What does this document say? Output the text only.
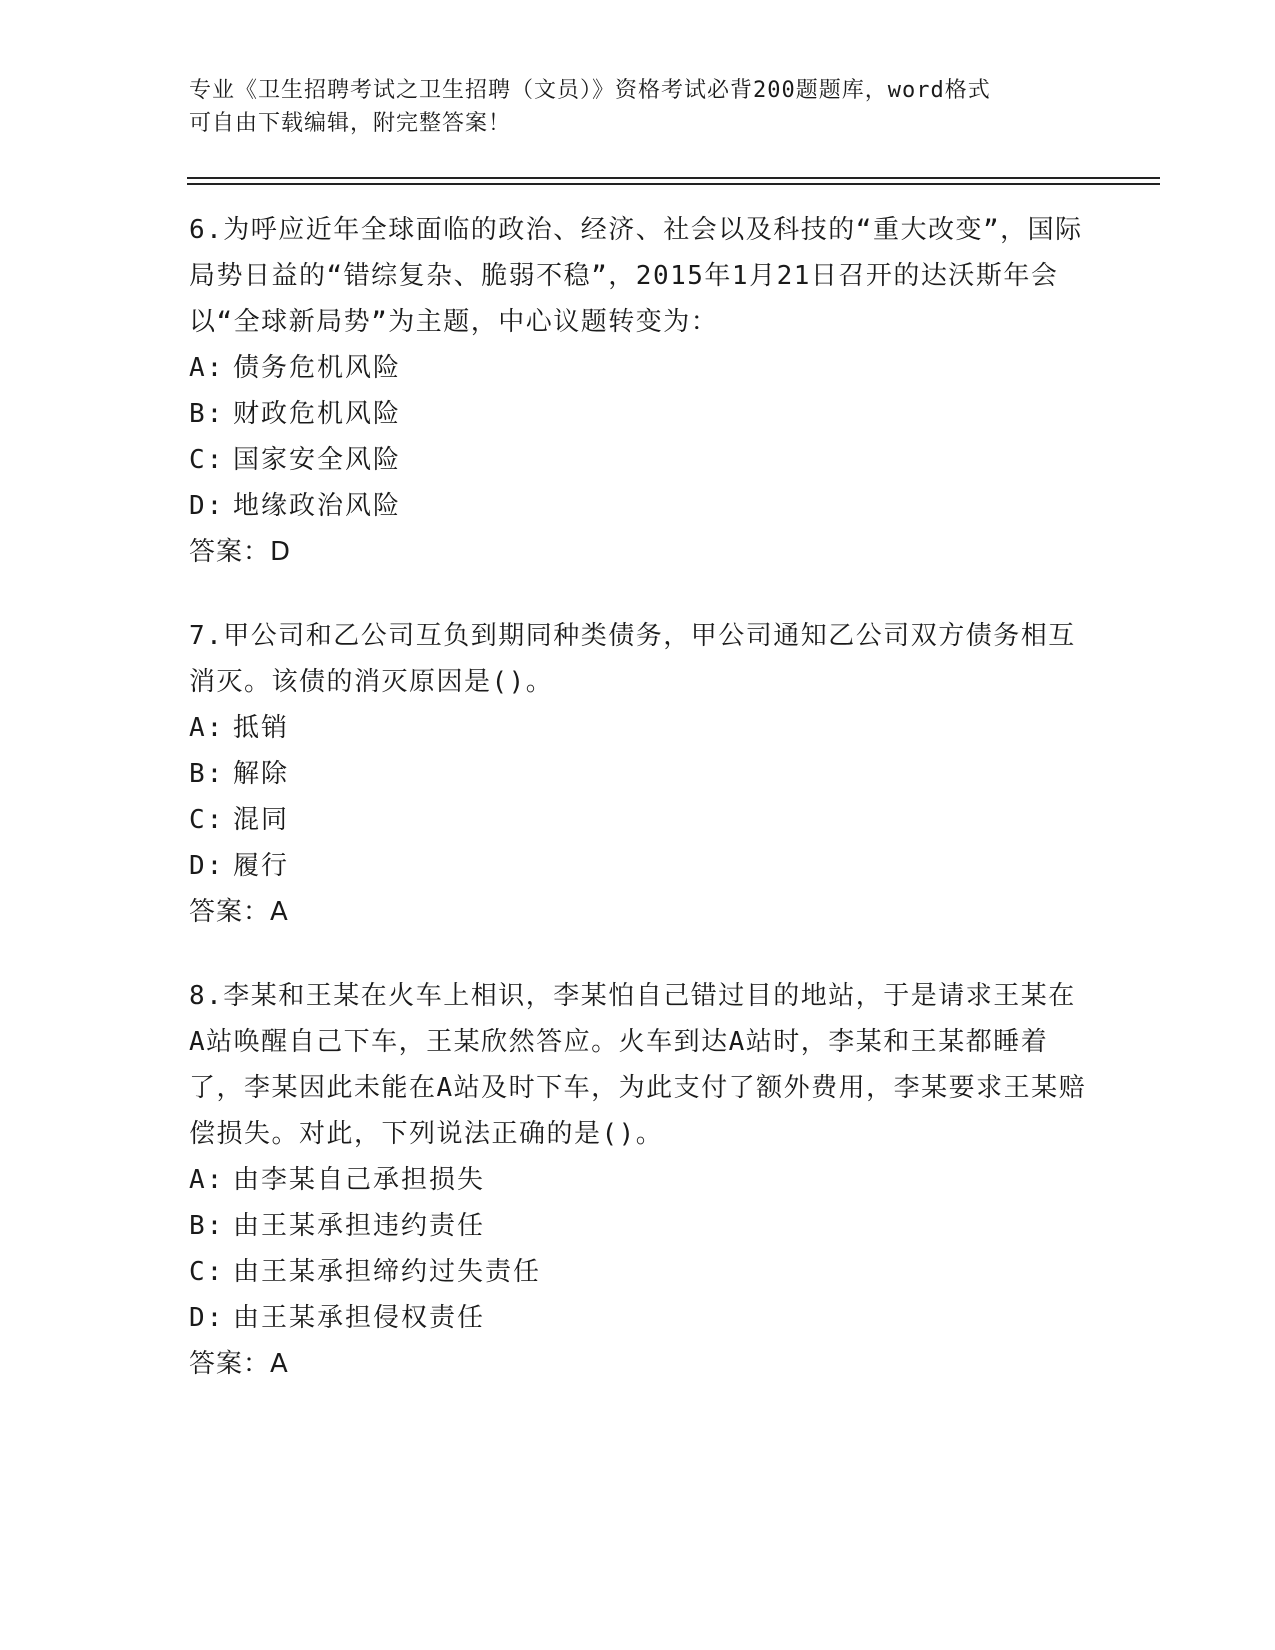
专业《卫生招聘考试之卫生招聘（文员）》资格考试必背200题题库，word格式
可自由下载编辑，附完整答案！
6.为呼应近年全球面临的政治、经济、社会以及科技的“重大改变”，国际局势日益的“错综复杂、脆弱不稳”，2015年1月21日召开的达沃斯年会以“全球新局势”为主题，中心议题转变为：
A: 债务危机风险
B: 财政危机风险
C: 国家安全风险
D: 地缘政治风险
答案：D
7.甲公司和乙公司互负到期同种类债务，甲公司通知乙公司双方债务相互消灭。该债的消灭原因是()。
A: 抵销
B: 解除
C: 混同
D: 履行
答案：A
8.李某和王某在火车上相识，李某怕自己错过目的地站，于是请求王某在A站唤醒自己下车，王某欣然答应。火车到达A站时，李某和王某都睡着了，李某因此未能在A站及时下车，为此支付了额外费用，李某要求王某赔偿损失。对此，下列说法正确的是()。
A: 由李某自己承担损失
B: 由王某承担违约责任
C: 由王某承担缔约过失责任
D: 由王某承担侵权责任
答案：A
